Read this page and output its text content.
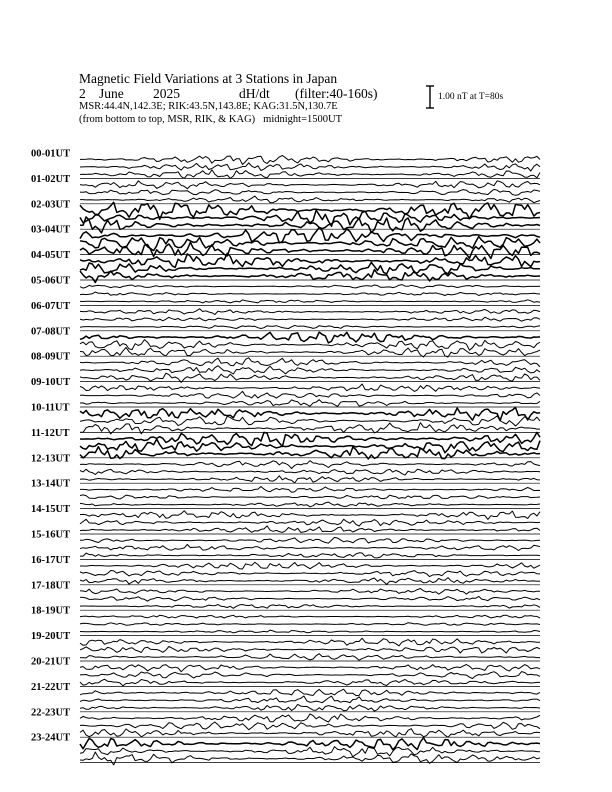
Magnetic Field Variations at 3 Stations in Japan
2 June 2025	dH/dt (filter:40-160s)
MSR:44.4N,142.3E; RIK:43.5N,143.8E; KAG:31.5N,130.7E
(from bottom to top, MSR, RIK, & KAG) midnight=1500UT
1.00 nT at T=80s
00-01UT
01-02UT
02-03UT
03-04UT
04-05UT
05-06UT
06-07UT
07-08UT
08-09UT
09-10UT
10-11UT
11-12UT
12-13UT
13-14UT
14-15UT
15-16UT
16-17UT
17-18UT
18-19UT
19-20UT
20-21UT
21-22UT
22-23UT
23-24UT
